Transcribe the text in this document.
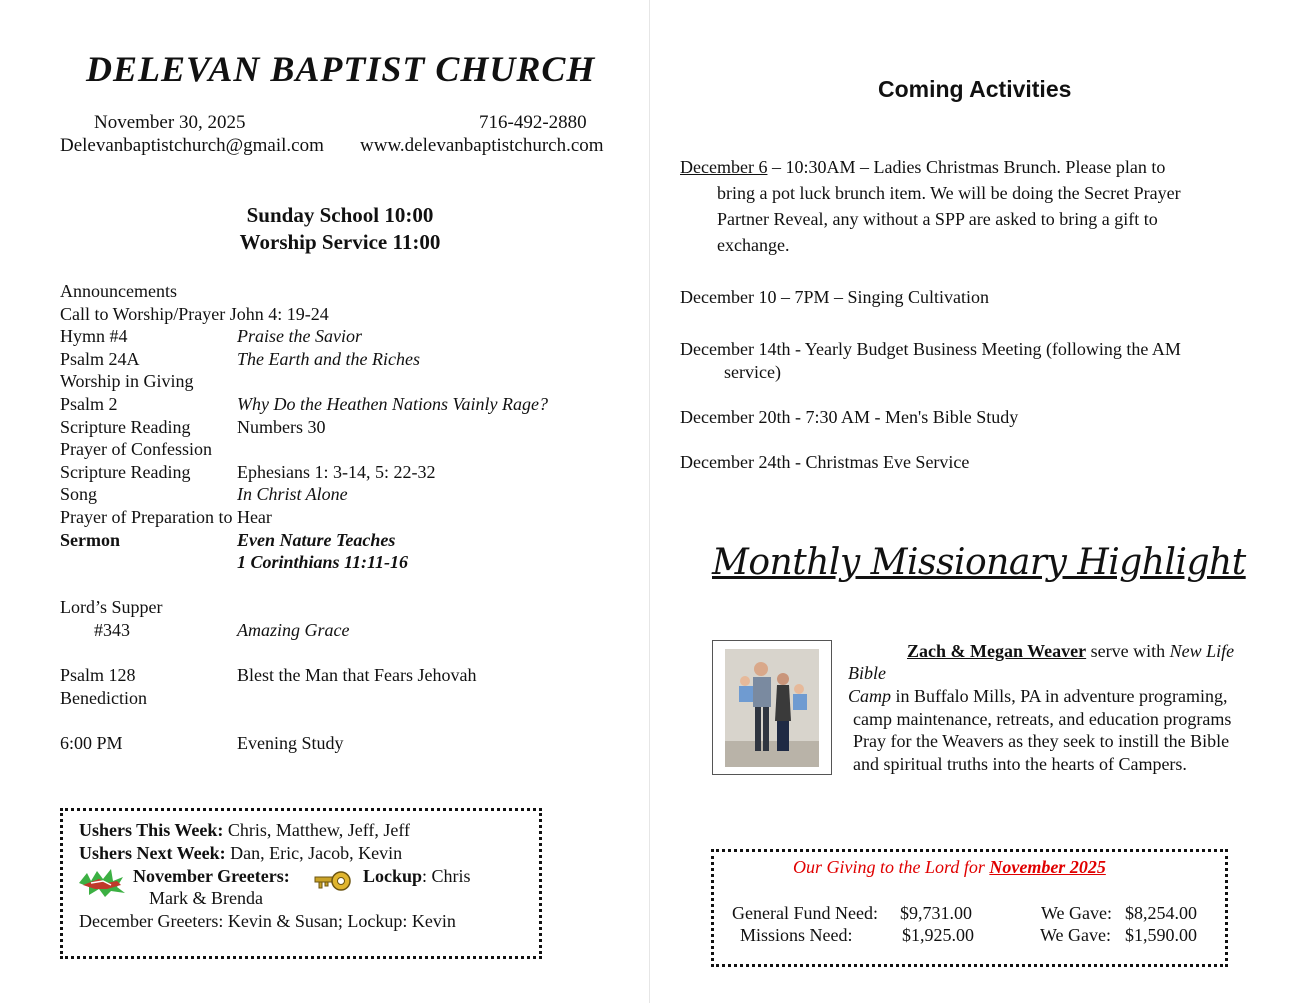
DELEVAN BAPTIST CHURCH
November 30, 2025	716-492-2880
Delevanbaptistchurch@gmail.com www.delevanbaptistchurch.com
Sunday School 10:00
Worship Service 11:00
Announcements
Call to Worship/Prayer John 4: 19-24
Hymn #4	Praise the Savior
Psalm 24A	The Earth and the Riches
Worship in Giving
Psalm 2	Why Do the Heathen Nations Vainly Rage?
Scripture Reading	Numbers 30
Prayer of Confession
Scripture Reading	Ephesians 1: 3-14, 5: 22-32
Song	In Christ Alone
Prayer of Preparation to Hear
Sermon	Even Nature Teaches
1 Corinthians 11:11-16
Lord’s Supper
#343	Amazing Grace
Psalm 128	Blest the Man that Fears Jehovah
Benediction
6:00 PM	Evening Study
Ushers This Week: Chris, Matthew, Jeff, Jeff
Ushers Next Week: Dan, Eric, Jacob, Kevin
November Greeters:	Lockup: Chris
Mark & Brenda
December Greeters: Kevin & Susan; Lockup: Kevin
Coming Activities
December 6 – 10:30AM – Ladies Christmas Brunch. Please plan to
bring a pot luck brunch item. We will be doing the Secret Prayer
Partner Reveal, any without a SPP are asked to bring a gift to
exchange.
December 10 – 7PM – Singing Cultivation
December 14th - Yearly Budget Business Meeting (following the AM
service)
December 20th - 7:30 AM - Men's Bible Study
December 24th - Christmas Eve Service
Monthly Missionary Highlight
Zach & Megan Weaver serve with New Life
Bible
Camp in Buffalo Mills, PA in adventure programing,
camp maintenance, retreats, and education programs
Pray for the Weavers as they seek to instill the Bible
and spiritual truths into the hearts of Campers.
Our Giving to the Lord for November 2025
General Fund Need: $9,731.00	We Gave: $8,254.00
Missions Need:	$1,925.00	We Gave: $1,590.00
